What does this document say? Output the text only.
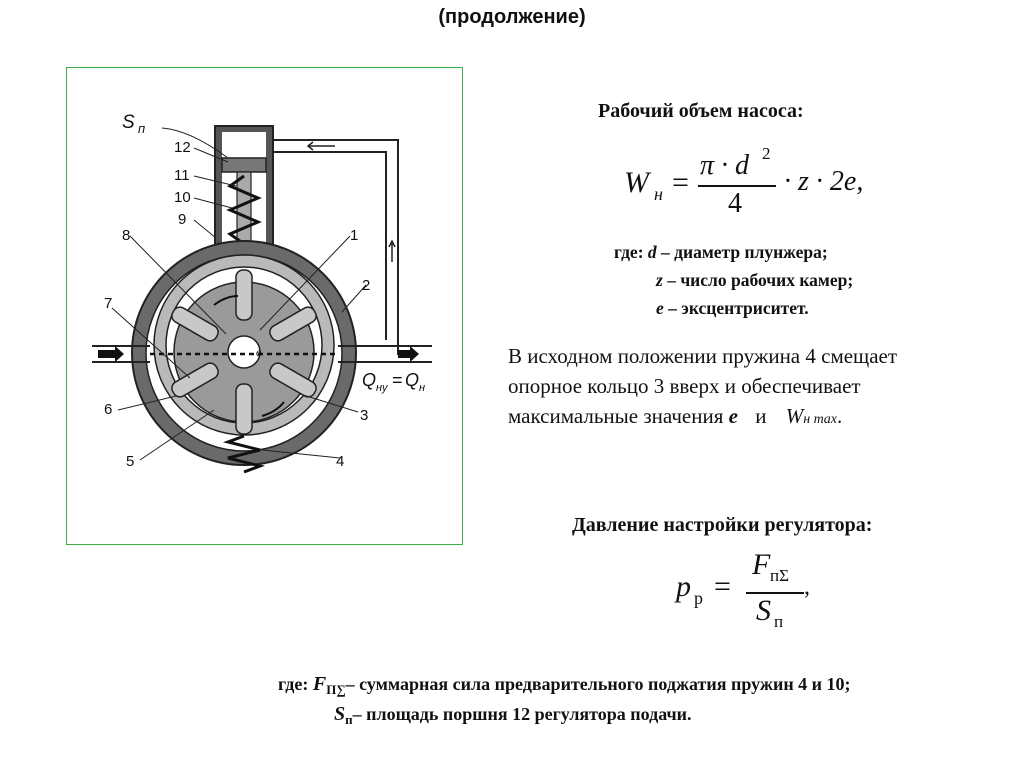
(продолжение)
S п
12
11
10
9
8	1
2
7
6
5	4
3
e
Q ну = Q н
Рабочий объем насоса:
W н =
π · d 2
4
· z · 2e,
где: d – диаметр плунжера;
z – число рабочих камер;
e – эксцентриситет.
В исходном положении пружина 4 смещает
опорное кольцо 3 вверх и обеспечивает
максимальные значения e и Wн max.
Давление настройки регулятора:
p р =
F пΣ
S п
,
где: $F_{П\sum}-$ суммарная сила предварительного поджатия пружин 4 и 10;
$S_п-$ площадь поршня 12 регулятора подачи.
